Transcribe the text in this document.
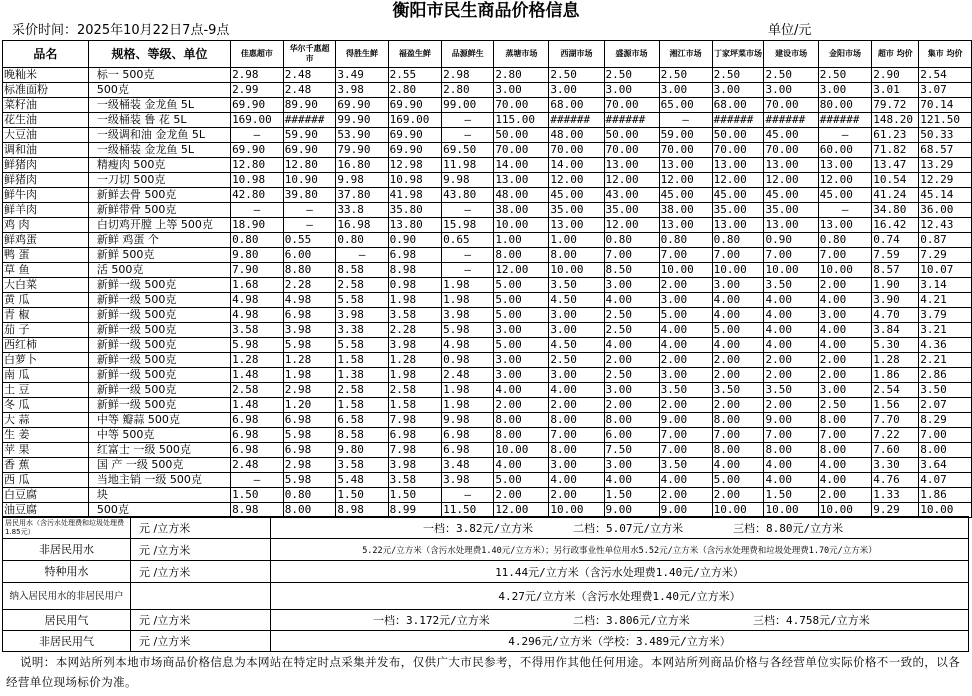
衡阳市民生商品价格信息
采价时间：2025年10月22日7点-9点	单位/元
品名	规格、等级、单位	佳惠超市	华尔千惠超 市	得胜生鲜	福盈生鲜	品源鲜生	蒸塘市场	西湖市场	盛源市场	湘江市场	丁家坪菜市场	建设市场	金阳市场	超市 均价	集市 均价
晚籼米	标一 500克	2.98	2.48	3.49	2.55	2.98	2.80	2.50	2.50	2.50	2.50	2.50	2.50	2.90	2.54
标准面粉	500克	2.99	2.48	3.98	2.80	2.80	3.00	3.00	3.00	3.00	3.00	3.00	3.00	3.01	3.07
菜籽油	一级桶装 金龙鱼 5L	69.90	89.90	69.90	69.90	99.00	70.00	68.00	70.00	65.00	68.00	70.00	80.00	79.72	70.14
花生油	一级桶装 鲁 花 5L	169.00	######	99.90	169.00	—	115.00	######	######	—	######	######	######	148.20	121.50
大豆油	一级调和油 金龙鱼 5L	—	59.90	53.90	69.90	—	50.00	48.00	50.00	59.00	50.00	45.00	—	61.23	50.33
调和油	一级桶装 金龙鱼 5L	69.90	69.90	79.90	69.90	69.50	70.00	70.00	70.00	70.00	70.00	70.00	60.00	71.82	68.57
鲜猪肉	精瘦肉 500克	12.80	12.80	16.80	12.98	11.98	14.00	14.00	13.00	13.00	13.00	13.00	13.00	13.47	13.29
鲜猪肉	一刀切 500克	10.98	10.90	9.98	10.98	9.98	13.00	12.00	12.00	12.00	12.00	12.00	12.00	10.54	12.29
鲜牛肉	新鲜去骨 500克	42.80	39.80	37.80	41.98	43.80	48.00	45.00	43.00	45.00	45.00	45.00	45.00	41.24	45.14
鲜羊肉	新鲜带骨 500克	—	—	33.8	35.80	—	38.00	35.00	35.00	38.00	35.00	35.00	—	34.80	36.00
鸡 肉	白切鸡开膛 上等 500克	18.90	—	16.98	13.80	15.98	10.00	13.00	12.00	13.00	13.00	13.00	13.00	16.42	12.43
鲜鸡蛋	新鲜 鸡蛋 个	0.80	0.55	0.80	0.90	0.65	1.00	1.00	0.80	0.80	0.80	0.90	0.80	0.74	0.87
鸭 蛋	新鲜 500克	9.80	6.00	—	6.98	—	8.00	8.00	7.00	7.00	7.00	7.00	7.00	7.59	7.29
草 鱼	活 500克	7.90	8.80	8.58	8.98	—	12.00	10.00	8.50	10.00	10.00	10.00	10.00	8.57	10.07
大白菜	新鲜一级 500克	1.68	2.28	2.58	0.98	1.98	5.00	3.50	3.00	2.00	3.00	3.50	2.00	1.90	3.14
黄 瓜	新鲜一级 500克	4.98	4.98	5.58	1.98	1.98	5.00	4.50	4.00	3.00	4.00	4.00	4.00	3.90	4.21
青 椒	新鲜一级 500克	4.98	6.98	3.98	3.58	3.98	5.00	3.00	2.50	5.00	4.00	4.00	3.00	4.70	3.79
茄 子	新鲜一级 500克	3.58	3.98	3.38	2.28	5.98	3.00	3.00	2.50	4.00	5.00	4.00	4.00	3.84	3.21
西红柿	新鲜一级 500克	5.98	5.98	5.58	3.98	4.98	5.00	4.50	4.00	4.00	4.00	4.00	4.00	5.30	4.36
白萝卜	新鲜一级 500克	1.28	1.28	1.58	1.28	0.98	3.00	2.50	2.00	2.00	2.00	2.00	2.00	1.28	2.21
南 瓜	新鲜一级 500克	1.48	1.98	1.38	1.98	2.48	3.00	3.00	2.50	3.00	2.00	2.00	2.00	1.86	2.86
土 豆	新鲜一级 500克	2.58	2.98	2.58	2.58	1.98	4.00	4.00	3.00	3.50	3.50	3.50	3.00	2.54	3.50
冬 瓜	新鲜一级 500克	1.48	1.20	1.58	1.58	1.98	2.00	2.00	2.00	2.00	2.00	2.00	2.50	1.56	2.07
大 蒜	中等 瓣蒜 500克	6.98	6.98	6.58	7.98	9.98	8.00	8.00	8.00	9.00	8.00	9.00	8.00	7.70	8.29
生 姜	中等 500克	6.98	5.98	8.58	6.98	6.98	8.00	7.00	6.00	7.00	7.00	7.00	7.00	7.22	7.00
苹 果	红富士 一级 500克	6.98	6.98	9.80	7.98	6.98	10.00	8.00	7.50	7.00	8.00	8.00	8.00	7.60	8.00
香 蕉	国 产 一级 500克	2.48	2.98	3.58	3.98	3.48	4.00	3.00	3.00	3.50	4.00	4.00	4.00	3.30	3.64
西 瓜	当地主销 一级 500克	—	5.98	5.48	3.58	3.98	5.00	4.00	4.00	4.00	5.00	4.00	4.00	4.76	4.07
白豆腐	块	1.50	0.80	1.50	1.50	—	2.00	2.00	1.50	2.00	2.00	1.50	2.00	1.33	1.86
油豆腐	500克	8.98	8.00	8.98	8.99	11.50	12.00	10.00	9.00	9.00	10.00	10.00	10.00	9.29	10.00
居民用水（含污水处理费和垃圾处理费1.85元）	元 /立方米	一档：3.82元/立方米 二档：5.07元/立方米 三档：8.80元/立方米
非居民用水	元 /立方米	5.22元/立方米（含污水处理费1.40元/立方米）；另行政事业性单位用水5.52元/立方米（含污水处理费和垃圾处理费1.70元/立方米）
特种用水	元 /立方米	11.44元/立方米（含污水处理费1.40元/立方米）
纳入居民用水的非居民用户		4.27元/立方米（含污水处理费1.40元/立方米）
居民用气	元 /立方米	一档：3.172元/立方米 二档：3.806元/立方米 三档：4.758元/立方米
非居民用气	元 /立方米	4.296元/立方米（学校：3.489元/立方米）
说明：本网站所列本地市场商品价格信息为本网站在特定时点采集并发布，仅供广大市民参考，不得用作其他任何用途。本网站所列商品价格与各经营单位实际价格不一致的，以各经营单位现场标价为准。
